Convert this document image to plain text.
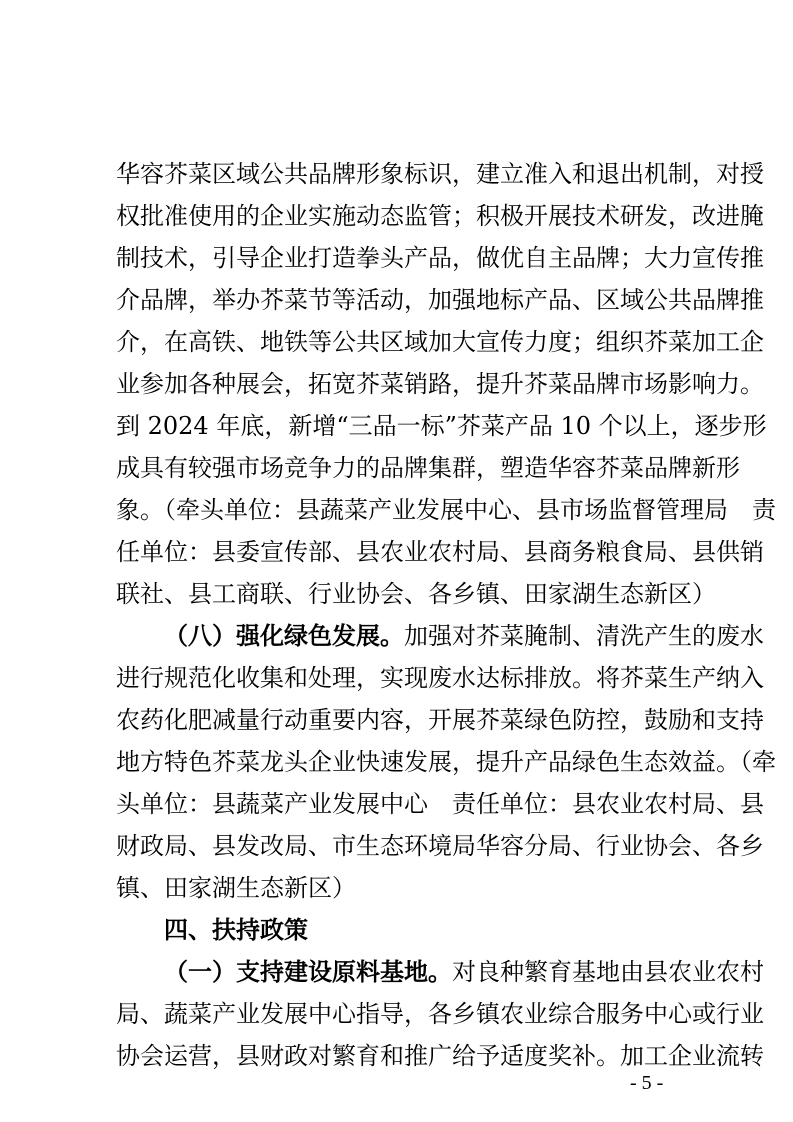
华容芥菜区域公共品牌形象标识，建立准入和退出机制，对授
权批准使用的企业实施动态监管；积极开展技术研发，改进腌
制技术，引导企业打造拳头产品，做优自主品牌；大力宣传推
介品牌，举办芥菜节等活动，加强地标产品、区域公共品牌推
介，在高铁、地铁等公共区域加大宣传力度；组织芥菜加工企
业参加各种展会，拓宽芥菜销路，提升芥菜品牌市场影响力。
到 2024 年底，新增“三品一标”芥菜产品 10 个以上，逐步形
成具有较强市场竞争力的品牌集群，塑造华容芥菜品牌新形
象。（牵头单位：县蔬菜产业发展中心、县市场监督管理局　责
任单位：县委宣传部、县农业农村局、县商务粮食局、县供销
联社、县工商联、行业协会、各乡镇、田家湖生态新区）
（八）强化绿色发展。加强对芥菜腌制、清洗产生的废水
进行规范化收集和处理，实现废水达标排放。将芥菜生产纳入
农药化肥减量行动重要内容，开展芥菜绿色防控，鼓励和支持
地方特色芥菜龙头企业快速发展，提升产品绿色生态效益。（牵
头单位：县蔬菜产业发展中心　责任单位：县农业农村局、县
财政局、县发改局、市生态环境局华容分局、行业协会、各乡
镇、田家湖生态新区）
四、扶持政策
（一）支持建设原料基地。对良种繁育基地由县农业农村
局、蔬菜产业发展中心指导，各乡镇农业综合服务中心或行业
协会运营，县财政对繁育和推广给予适度奖补。加工企业流转
- 5 -
